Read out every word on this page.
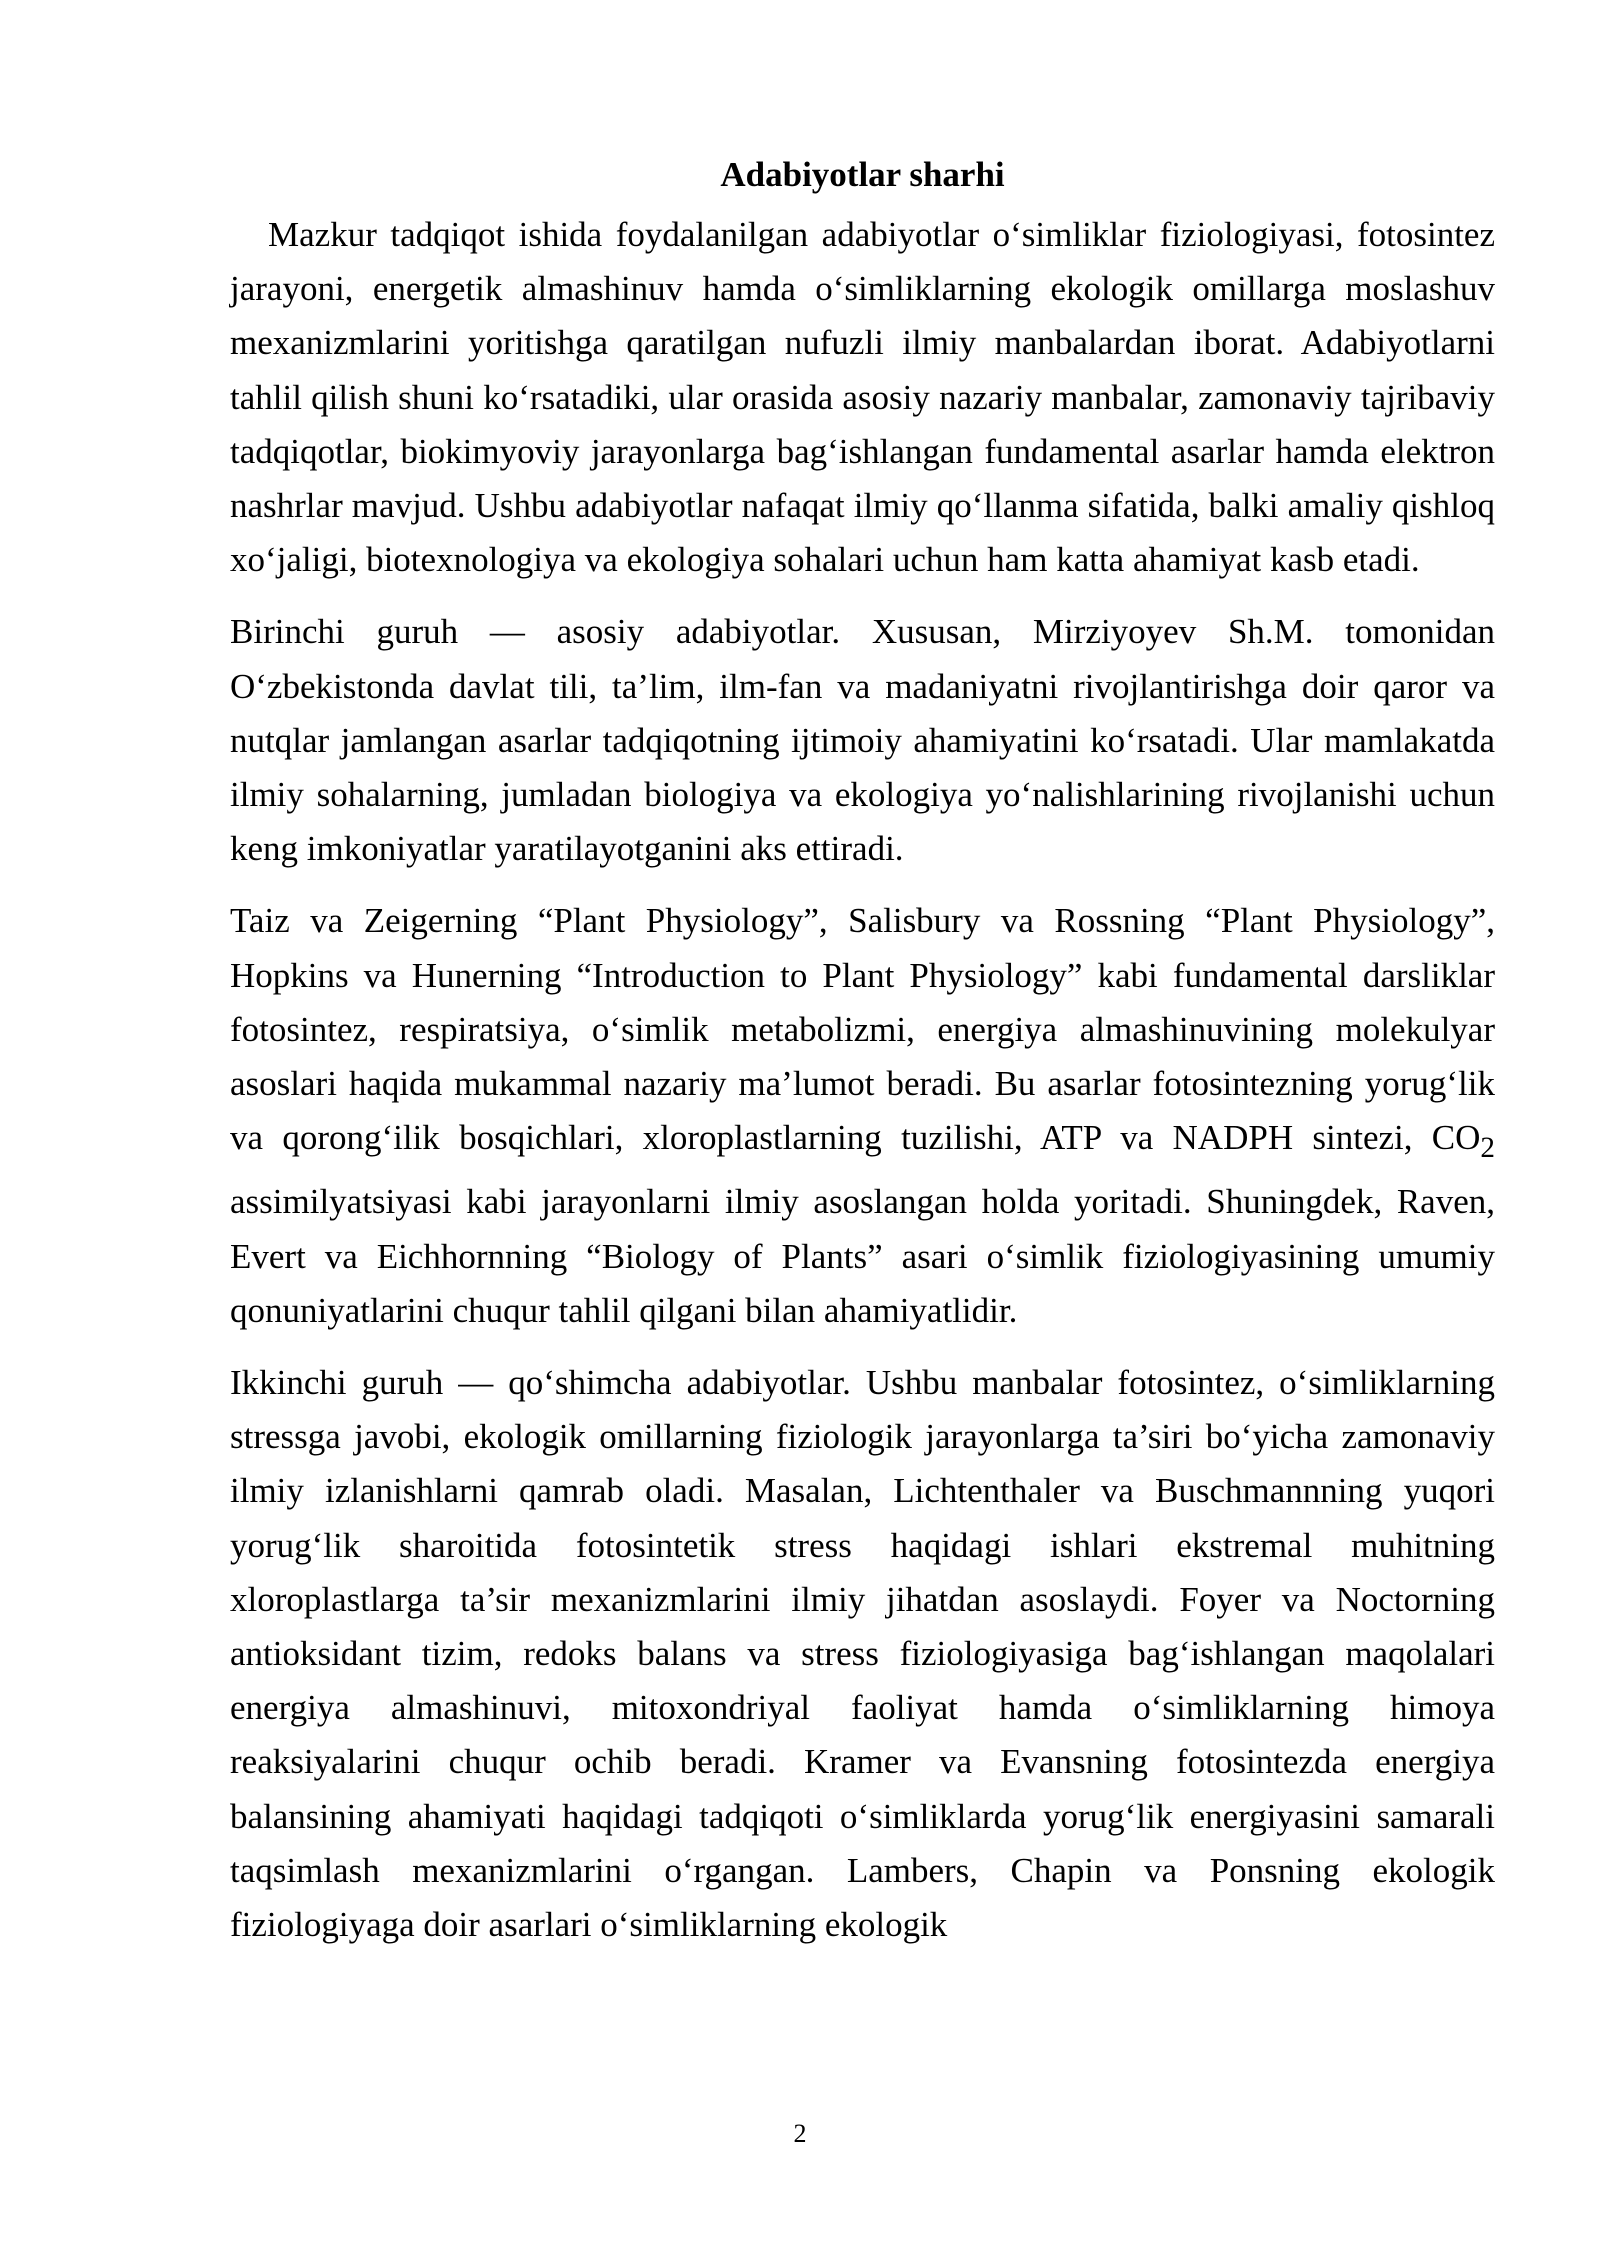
Adabiyotlar sharhi

Mazkur tadqiqot ishida foydalanilgan adabiyotlar o‘simliklar fiziologiyasi, fotosintez jarayoni, energetik almashinuv hamda o‘simliklarning ekologik omillarga moslashuv mexanizmlarini yoritishga qaratilgan nufuzli ilmiy manbalardan iborat. Adabiyotlarni tahlil qilish shuni ko‘rsatadiki, ular orasida asosiy nazariy manbalar, zamonaviy tajribaviy tadqiqotlar, biokimyoviy jarayonlarga bag‘ishlangan fundamental asarlar hamda elektron nashrlar mavjud. Ushbu adabiyotlar nafaqat ilmiy qo‘llanma sifatida, balki amaliy qishloq xo‘jaligi, biotexnologiya va ekologiya sohalari uchun ham katta ahamiyat kasb etadi.

Birinchi guruh — asosiy adabiyotlar. Xususan, Mirziyoyev Sh.M. tomonidan O‘zbekistonda davlat tili, ta’lim, ilm-fan va madaniyatni rivojlantirishga doir qaror va nutqlar jamlangan asarlar tadqiqotning ijtimoiy ahamiyatini ko‘rsatadi. Ular mamlakatda ilmiy sohalarning, jumladan biologiya va ekologiya yo‘nalishlarining rivojlanishi uchun keng imkoniyatlar yaratilayotganini aks ettiradi.

Taiz va Zeigerning “Plant Physiology”, Salisbury va Rossning “Plant Physiology”, Hopkins va Hunerning “Introduction to Plant Physiology” kabi fundamental darsliklar fotosintez, respiratsiya, o‘simlik metabolizmi, energiya almashinuvining molekulyar asoslari haqida mukammal nazariy ma’lumot beradi. Bu asarlar fotosintezning yorug‘lik va qorong‘ilik bosqichlari, xloroplastlarning tuzilishi, ATP va NADPH sintezi, $CO_2$ assimilyatsiyasi kabi jarayonlarni ilmiy asoslangan holda yoritadi. Shuningdek, Raven, Evert va Eichhornning “Biology of Plants” asari o‘simlik fiziologiyasining umumiy qonuniyatlarini chuqur tahlil qilgani bilan ahamiyatlidir.

Ikkinchi guruh — qo‘shimcha adabiyotlar. Ushbu manbalar fotosintez, o‘simliklarning stressga javobi, ekologik omillarning fiziologik jarayonlarga ta’siri bo‘yicha zamonaviy ilmiy izlanishlarni qamrab oladi. Masalan, Lichtenthaler va Buschmannning yuqori yorug‘lik sharoitida fotosintetik stress haqidagi ishlari ekstremal muhitning xloroplastlarga ta’sir mexanizmlarini ilmiy jihatdan asoslaydi. Foyer va Noctorning antioksidant tizim, redoks balans va stress fiziologiyasiga bag‘ishlangan maqolalari energiya almashinuvi, mitoxondriyal faoliyat hamda o‘simliklarning himoya reaksiyalarini chuqur ochib beradi. Kramer va Evansning fotosintezda energiya balansining ahamiyati haqidagi tadqiqoti o‘simliklarda yorug‘lik energiyasini samarali taqsimlash mexanizmlarini o‘rgangan. Lambers, Chapin va Ponsning ekologik fiziologiyaga doir asarlari o‘simliklarning ekologik

2
